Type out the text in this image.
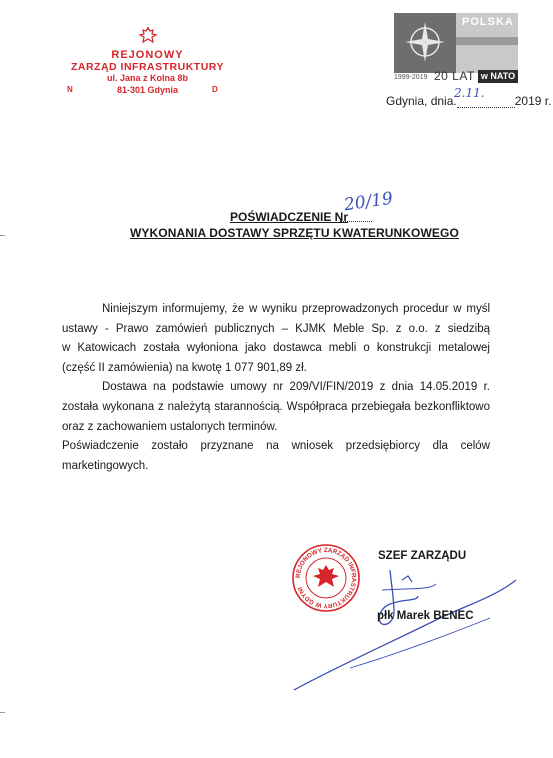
REJONOWY
ZARZĄD INFRASTRUKTURY
ul. Jana z Kolna 8b
81-301 Gdynia
N	D
POLSKA
1999-2019 20 LAT w NATO
Gdynia, dnia.	2019 r.
2.11.
POŚWIADCZENIE Nr
20/19
WYKONANIA DOSTAWY SPRZĘTU KWATERUNKOWEGO

Niniejszym informujemy, że w wyniku przeprowadzonych procedur w myśl

ustawy - Prawo zamówień publicznych – KJMK Meble Sp. z o.o. z siedzibą

w Katowicach została wyłoniona jako dostawca mebli o konstrukcji metalowej

(część II zamówienia) na kwotę 1 077 901,89 zł.

Dostawa na podstawie umowy nr 209/VI/FIN/2019 z dnia 14.05.2019 r.

została wykonana z należytą starannością. Współpraca przebiegała bezkonfliktowo

oraz z zachowaniem ustalonych terminów.

Poświadczenie zostało przyznane na wniosek przedsiębiorcy dla celów

marketingowych.

REJONOWY ZARZĄD INFRASTRUKTURY W GDYNI
SZEF ZARZĄDU
płk Marek BENEC
